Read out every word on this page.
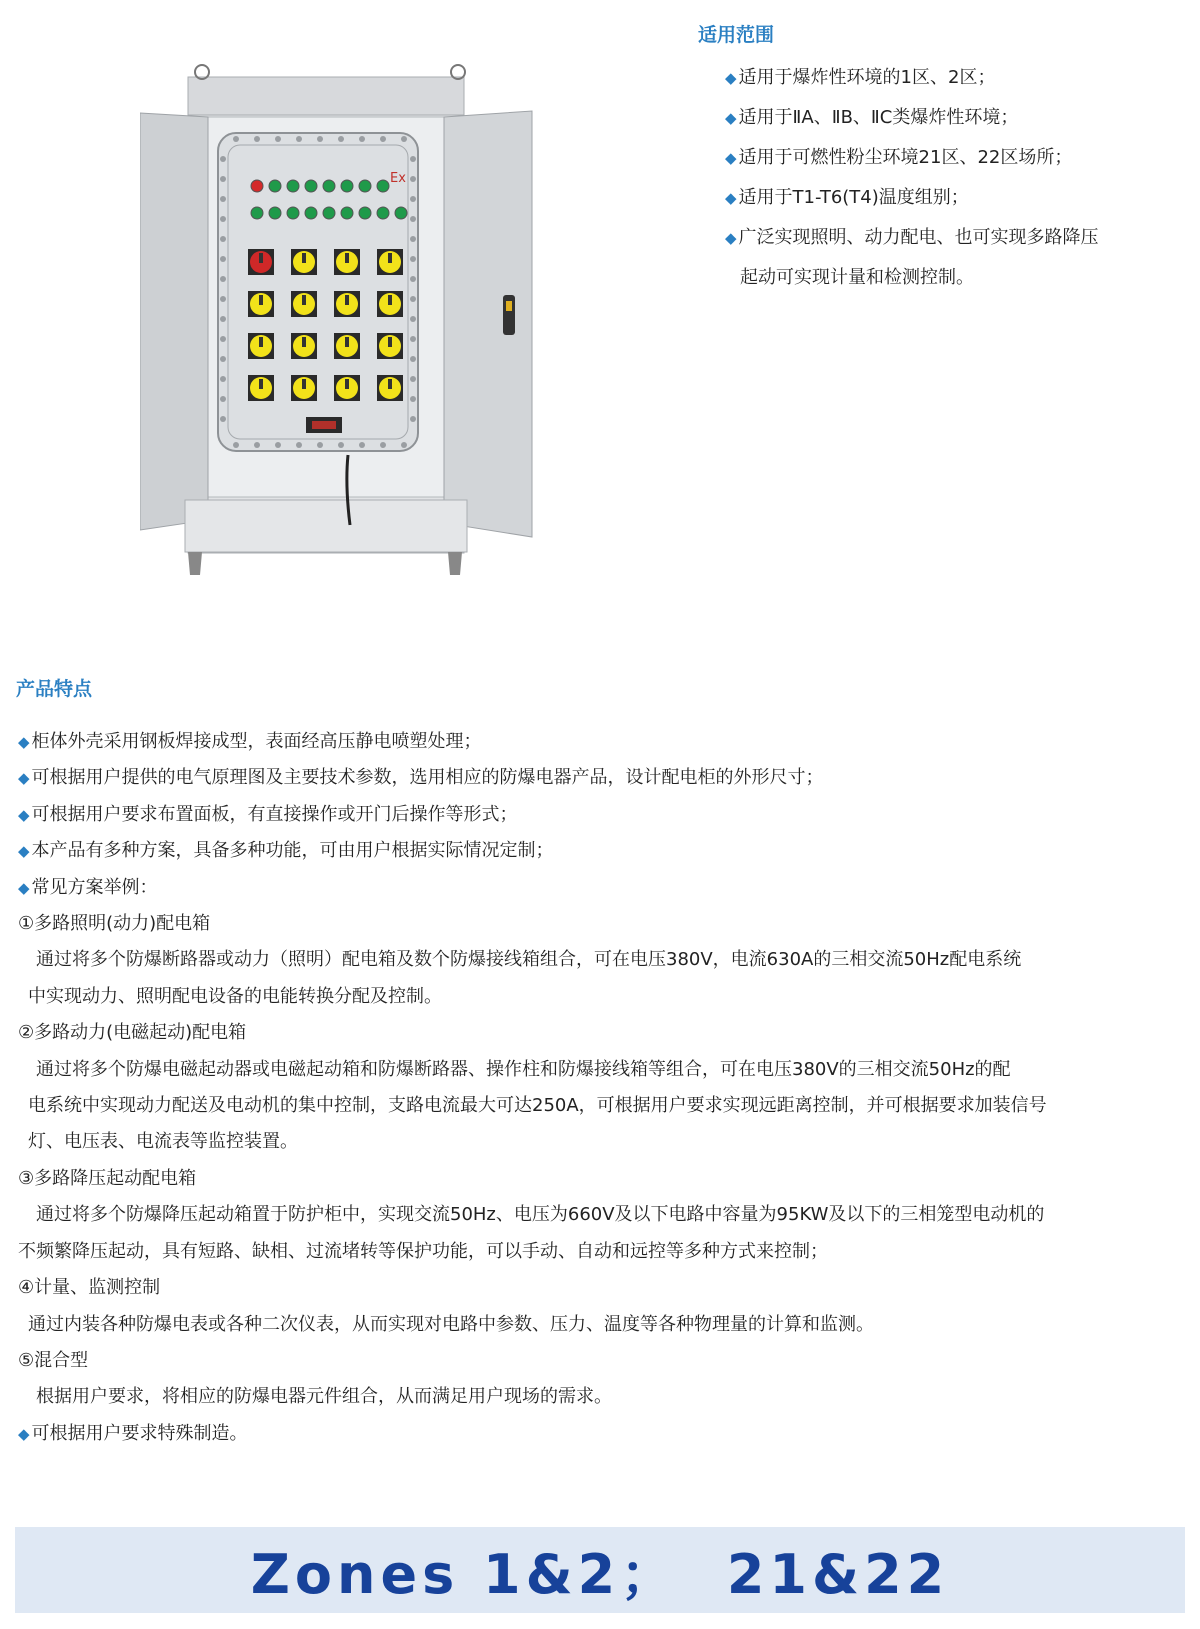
Ex
适用范围
◆ 适用于爆炸性环境的1区、2区；
◆ 适用于ⅡA、ⅡB、ⅡC类爆炸性环境；
◆ 适用于可燃性粉尘环境21区、22区场所；
◆ 适用于T1-T6(T4)温度组别；
◆ 广泛实现照明、动力配电、也可实现多路降压
起动可实现计量和检测控制。
产品特点
◆ 柜体外壳采用钢板焊接成型，表面经高压静电喷塑处理；
◆ 可根据用户提供的电气原理图及主要技术参数，选用相应的防爆电器产品，设计配电柜的外形尺寸；
◆ 可根据用户要求布置面板，有直接操作或开门后操作等形式；
◆ 本产品有多种方案，具备多种功能，可由用户根据实际情况定制；
◆ 常见方案举例：
①多路照明(动力)配电箱
通过将多个防爆断路器或动力（照明）配电箱及数个防爆接线箱组合，可在电压380V，电流630A的三相交流50Hz配电系统
中实现动力、照明配电设备的电能转换分配及控制。
②多路动力(电磁起动)配电箱
通过将多个防爆电磁起动器或电磁起动箱和防爆断路器、操作柱和防爆接线箱等组合，可在电压380V的三相交流50Hz的配
电系统中实现动力配送及电动机的集中控制，支路电流最大可达250A，可根据用户要求实现远距离控制，并可根据要求加装信号
灯、电压表、电流表等监控装置。
③多路降压起动配电箱
通过将多个防爆降压起动箱置于防护柜中，实现交流50Hz、电压为660V及以下电路中容量为95KW及以下的三相笼型电动机的
不频繁降压起动，具有短路、缺相、过流堵转等保护功能，可以手动、自动和远控等多种方式来控制；
④计量、监测控制
通过内装各种防爆电表或各种二次仪表，从而实现对电路中参数、压力、温度等各种物理量的计算和监测。
⑤混合型
根据用户要求，将相应的防爆电器元件组合，从而满足用户现场的需求。
◆ 可根据用户要求特殊制造。
Zones 1&2；  21&22
